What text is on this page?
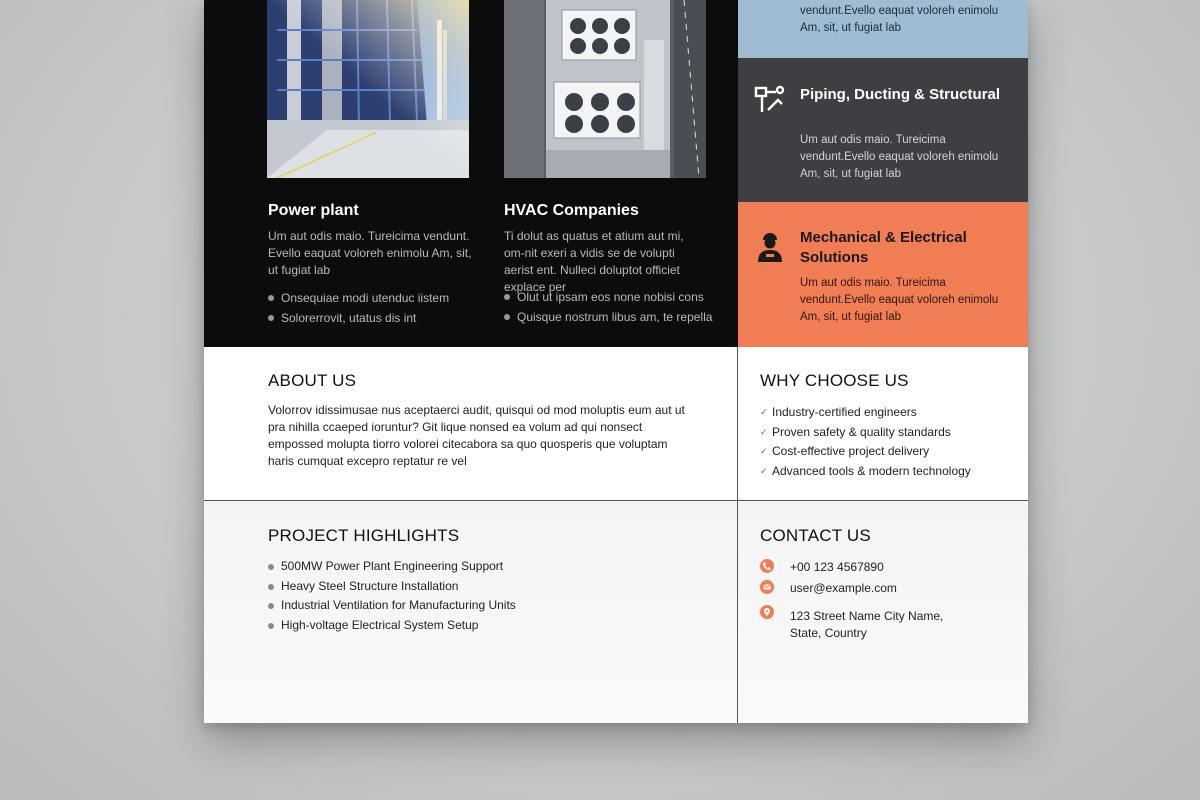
Power plant
Um aut odis maio. Tureicima vendunt. Evello eaquat voloreh enimolu Am, sit, ut fugiat lab
Onsequiae modi utenduc iistem
Solorerrovit, utatus dis int
HVAC Companies
Ti dolut as quatus et atium aut mi, om-nit exeri a vidis se de volupti aerist ent. Nulleci doluptot officiet explace per
Olut ut ipsam eos none nobisi cons
Quisque nostrum libus am, te repella
vendunt.Evello eaquat voloreh enimolu Am, sit, ut fugiat lab
Piping, Ducting & Structural
Um aut odis maio. Tureicima vendunt.Evello eaquat voloreh enimolu Am, sit, ut fugiat lab
Mechanical & Electrical Solutions
Um aut odis maio. Tureicima vendunt.Evello eaquat voloreh enimolu Am, sit, ut fugiat lab
ABOUT US
Volorrov idissimusae nus aceptaerci audit, quisqui od mod moluptis eum aut ut pra nihilla ccaeped ioruntur? Git lique nonsed ea volum ad qui nonsect empossed molupta tiorro volorei citecabora sa quo quosperis que voluptam haris cumquat excepro reptatur re vel
WHY CHOOSE US
✓ Industry-certified engineers
✓ Proven safety & quality standards
✓ Cost-effective project delivery
✓ Advanced tools & modern technology
PROJECT HIGHLIGHTS
500MW Power Plant Engineering Support
Heavy Steel Structure Installation
Industrial Ventilation for Manufacturing Units
High-voltage Electrical System Setup
CONTACT US
+00 123 4567890
user@example.com
123 Street Name City Name,
State, Country
